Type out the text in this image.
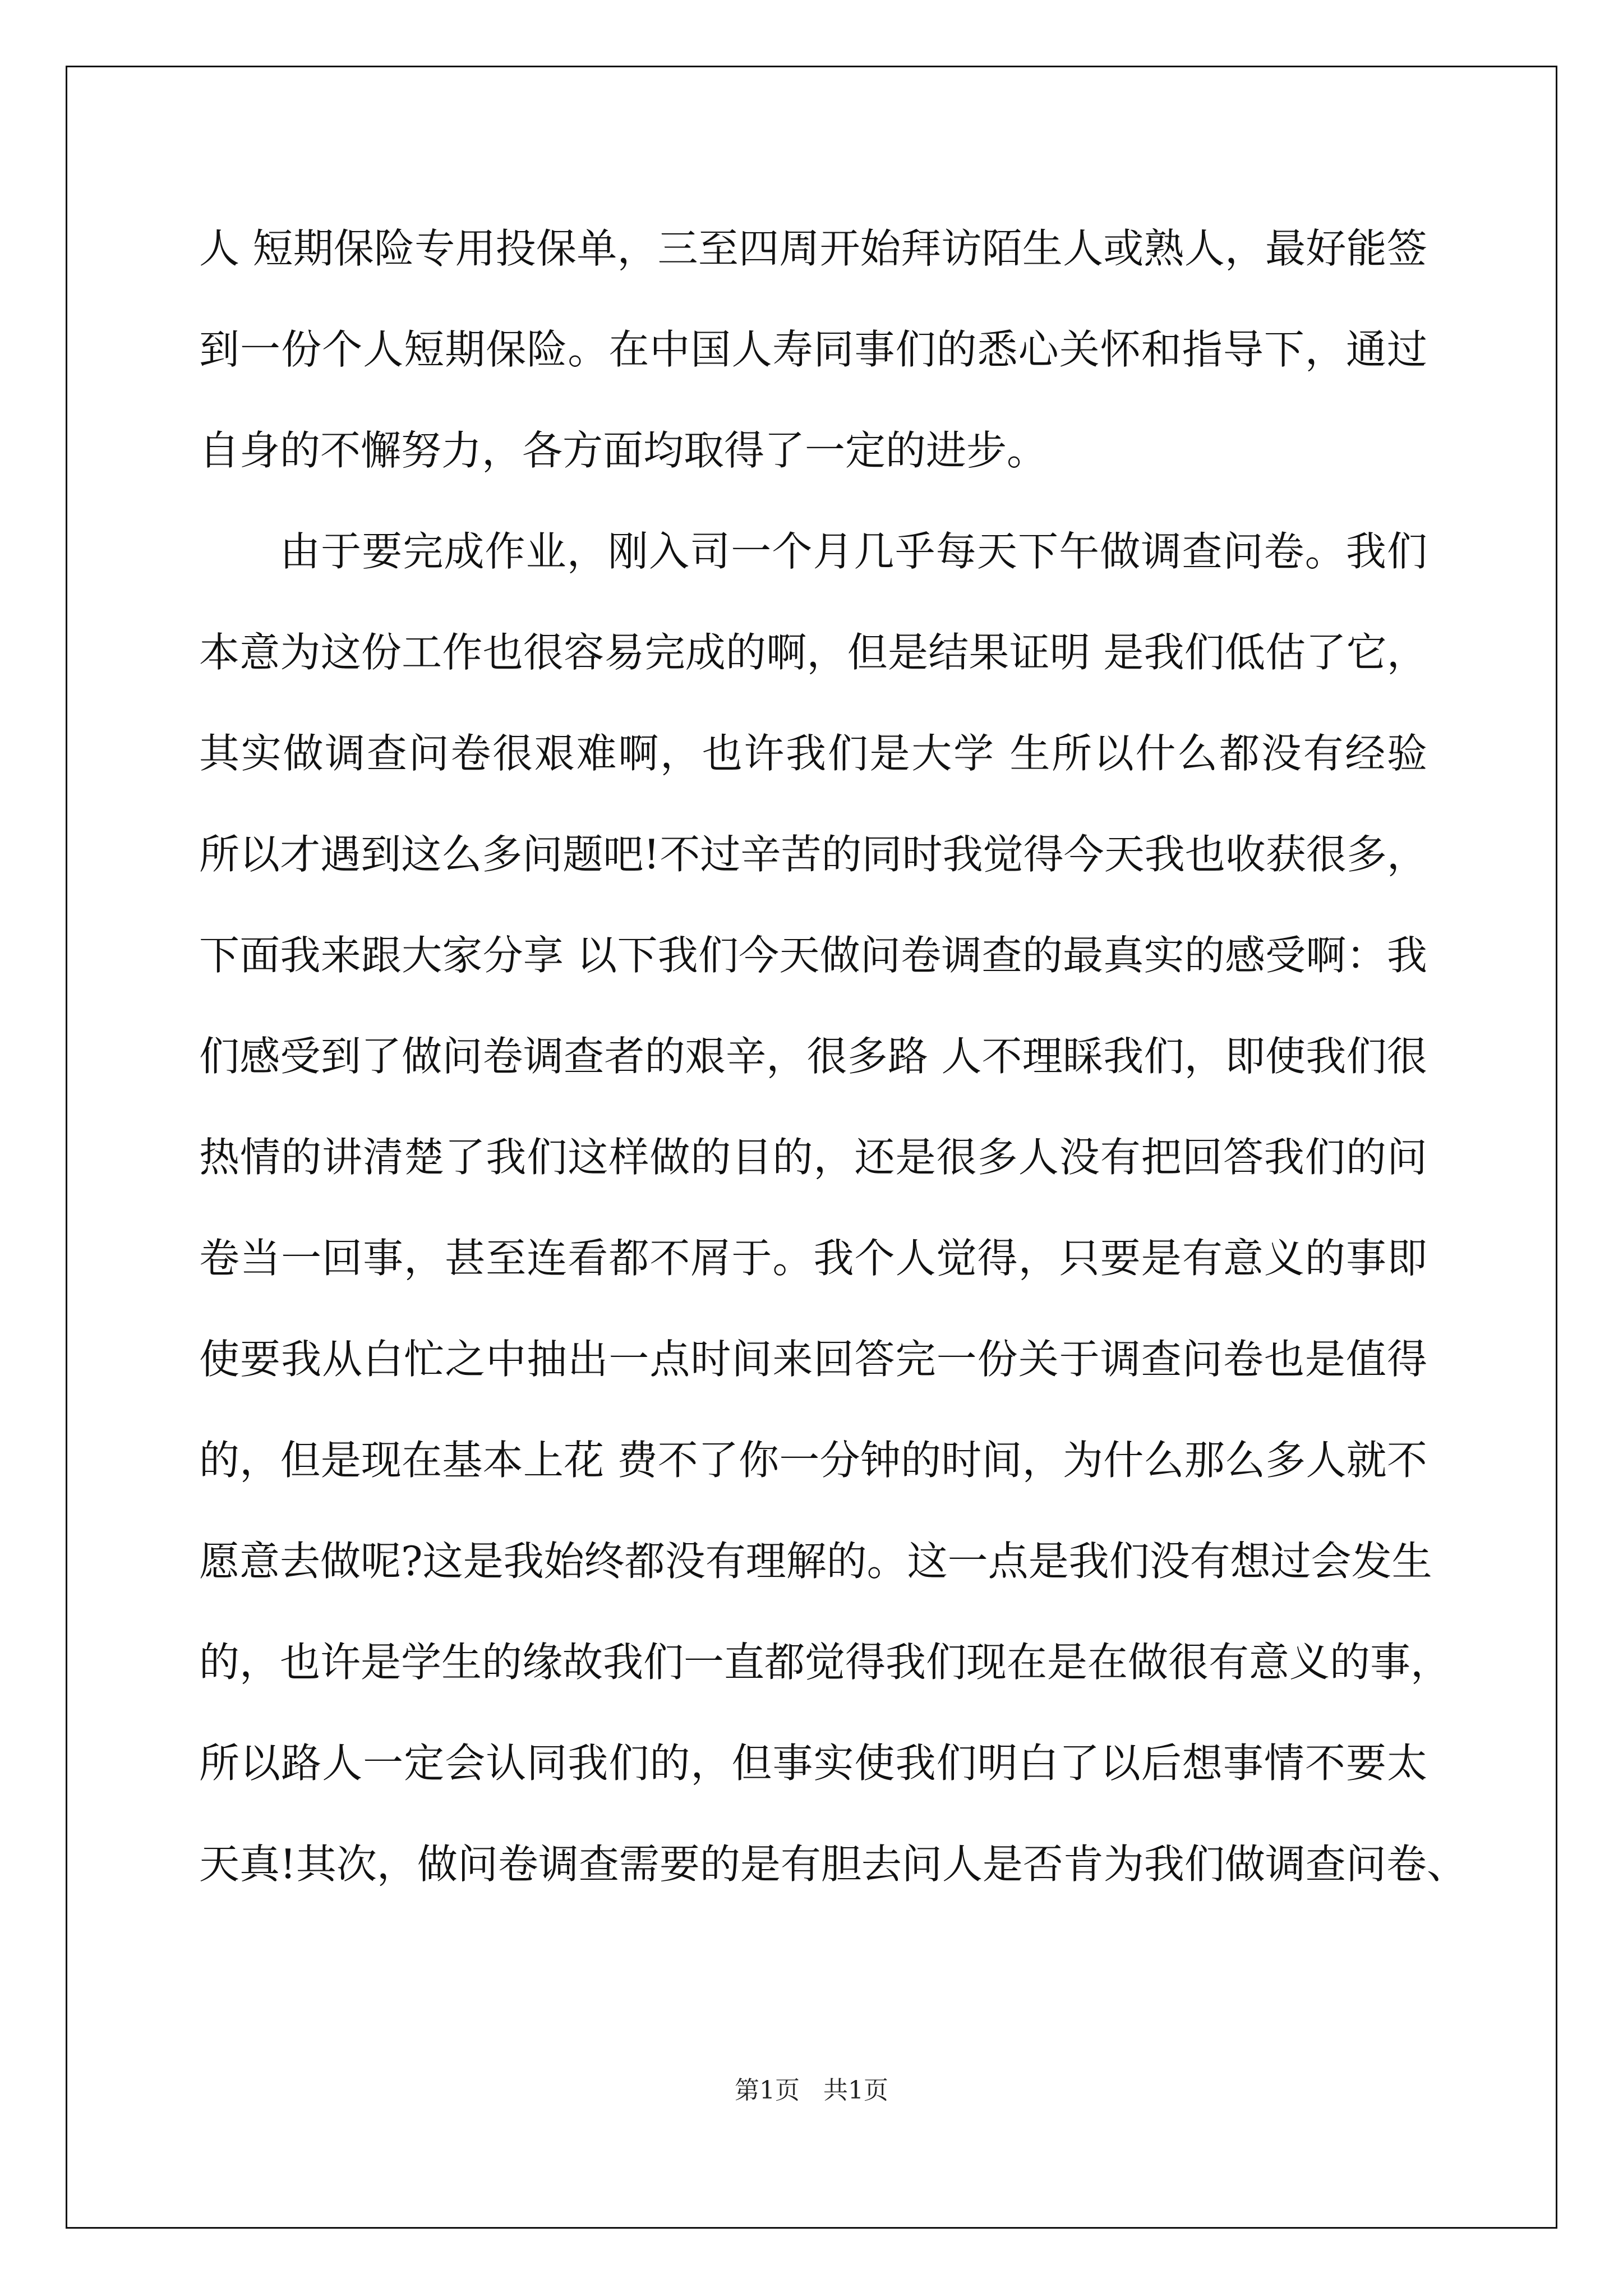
人 短期保险专用投保单，三至四周开始拜访陌生人或熟人，最好能签
到一份个人短期保险。在中国人寿同事们的悉心关怀和指导下，通过
自身的不懈努力，各方面均取得了一定的进步。
由于要完成作业，刚入司一个月几乎每天下午做调查问卷。我们
本意为这份工作也很容易完成的啊，但是结果证明 是我们低估了它，
其实做调查问卷很艰难啊，也许我们是大学 生所以什么都没有经验
所以才遇到这么多问题吧!不过辛苦的同时我觉得今天我也收获很多，
下面我来跟大家分享 以下我们今天做问卷调查的最真实的感受啊：我
们感受到了做问卷调查者的艰辛，很多路 人不理睬我们，即使我们很
热情的讲清楚了我们这样做的目的，还是很多人没有把回答我们的问
卷当一回事，甚至连看都不屑于。我个人觉得，只要是有意义的事即
使要我从白忙之中抽出一点时间来回答完一份关于调查问卷也是值得
的，但是现在基本上花 费不了你一分钟的时间，为什么那么多人就不
愿意去做呢?这是我始终都没有理解的。这一点是我们没有想过会发生
的，也许是学生的缘故我们一直都觉得我们现在是在做很有意义的事，
所以路人一定会认同我们的，但事实使我们明白了以后想事情不要太
天真!其次，做问卷调查需要的是有胆去问人是否肯为我们做调查问卷、
第1页   共1页
